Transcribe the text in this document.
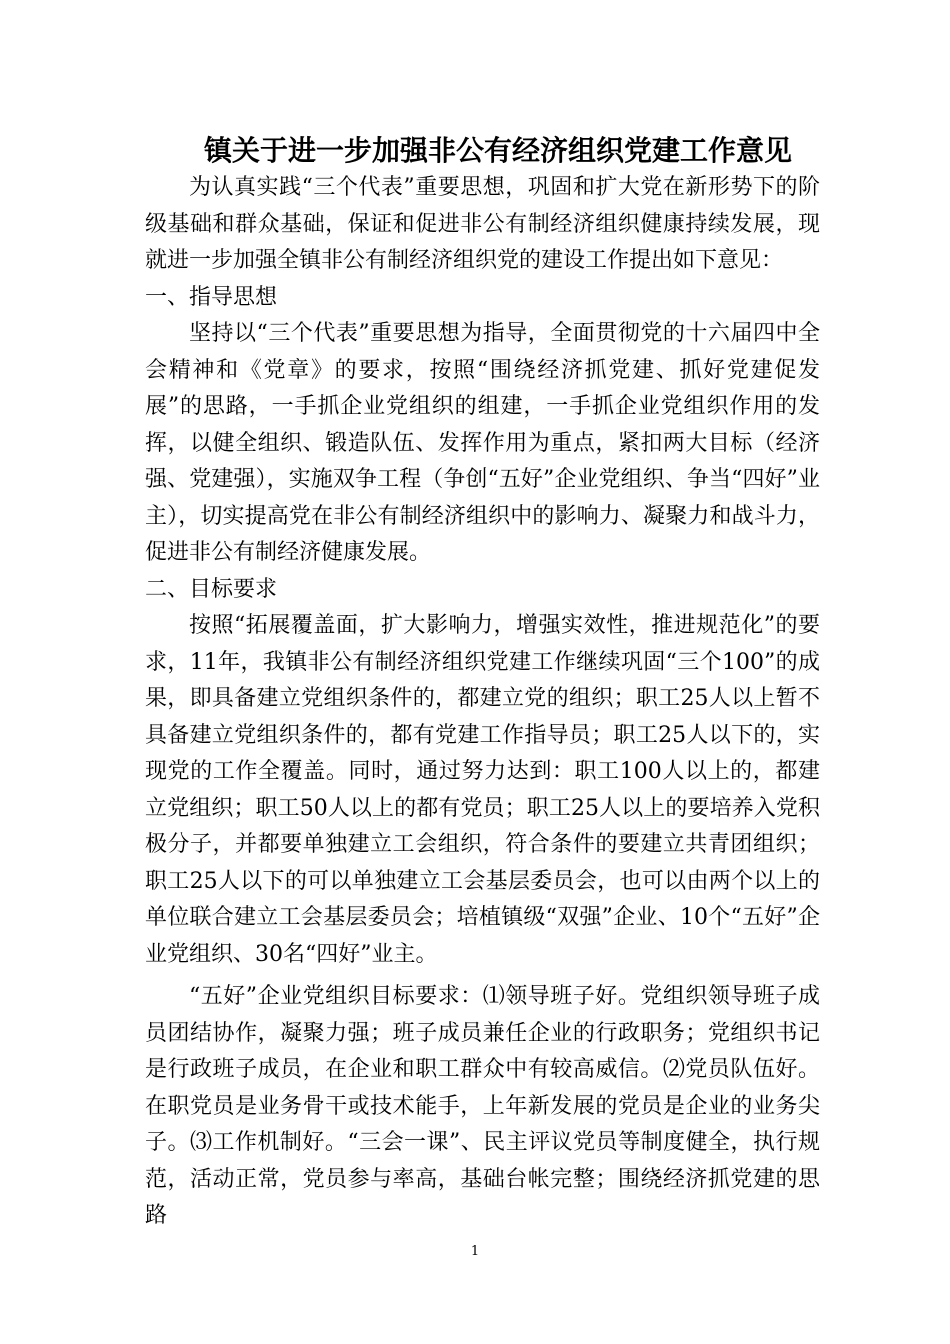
镇关于进一步加强非公有经济组织党建工作意见

为认真实践“三个代表”重要思想，巩固和扩大党在新形势下的阶级基础和群众基础，保证和促进非公有制经济组织健康持续发展，现就进一步加强全镇非公有制经济组织党的建设工作提出如下意见：

一、指导思想

坚持以“三个代表”重要思想为指导，全面贯彻党的十六届四中全会精神和《党章》的要求，按照“围绕经济抓党建、抓好党建促发展”的思路，一手抓企业党组织的组建，一手抓企业党组织作用的发挥，以健全组织、锻造队伍、发挥作用为重点，紧扣两大目标（经济强、党建强），实施双争工程（争创“五好”企业党组织、争当“四好”业主），切实提高党在非公有制经济组织中的影响力、凝聚力和战斗力，促进非公有制经济健康发展。

二、目标要求

按照“拓展覆盖面，扩大影响力，增强实效性，推进规范化”的要求，11年，我镇非公有制经济组织党建工作继续巩固“三个100”的成果，即具备建立党组织条件的，都建立党的组织；职工25人以上暂不具备建立党组织条件的，都有党建工作指导员；职工25人以下的，实现党的工作全覆盖。同时，通过努力达到：职工100人以上的，都建立党组织；职工50人以上的都有党员；职工25人以上的要培养入党积极分子，并都要单独建立工会组织，符合条件的要建立共青团组织；职工25人以下的可以单独建立工会基层委员会，也可以由两个以上的单位联合建立工会基层委员会；培植镇级“双强”企业、10个“五好”企业党组织、30名“四好”业主。

“五好”企业党组织目标要求：⑴领导班子好。党组织领导班子成员团结协作，凝聚力强；班子成员兼任企业的行政职务；党组织书记是行政班子成员，在企业和职工群众中有较高威信。⑵党员队伍好。在职党员是业务骨干或技术能手，上年新发展的党员是企业的业务尖子。⑶工作机制好。“三会一课”、民主评议党员等制度健全，执行规范，活动正常，党员参与率高，基础台帐完整；围绕经济抓党建的思路

1
